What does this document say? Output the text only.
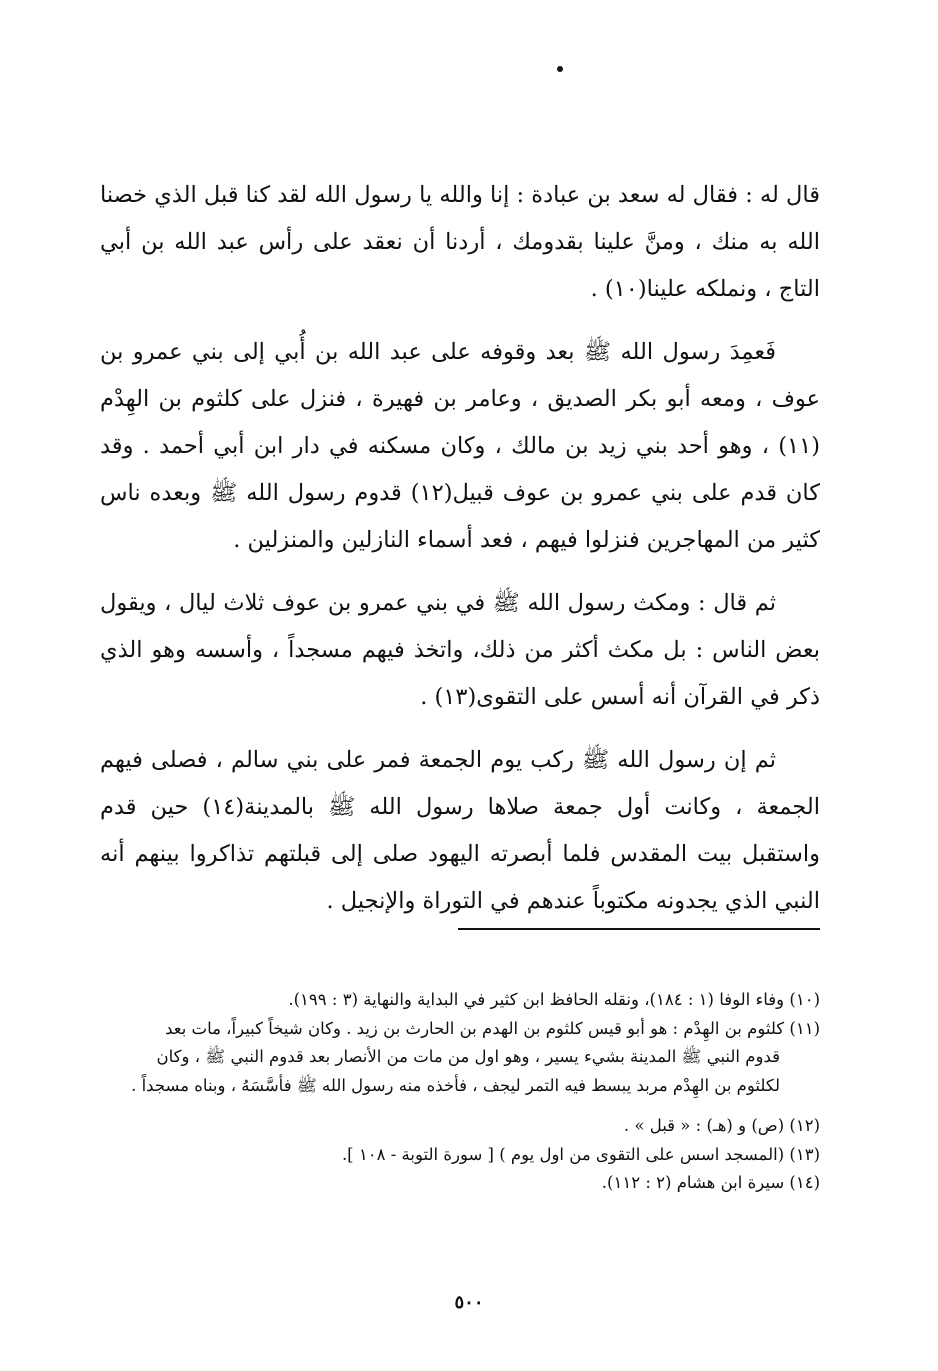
قال له : فقال له سعد بن عبادة : إنا والله يا رسول الله لقد كنا قبل الذي خصنا الله به منك ، ومنَّ علينا بقدومك ، أردنا أن نعقد على رأس عبد الله بن أبي التاج ، ونملكه علينا(١٠) .

فَعمِدَ رسول الله ﷺ بعد وقوفه على عبد الله بن أُبي إلى بني عمرو بن عوف ، ومعه أبو بكر الصديق ، وعامر بن فهيرة ، فنزل على كلثوم بن الهِدْم (١١) ، وهو أحد بني زيد بن مالك ، وكان مسكنه في دار ابن أبي أحمد . وقد كان قدم على بني عمرو بن عوف قبيل(١٢) قدوم رسول الله ﷺ وبعده ناس كثير من المهاجرين فنزلوا فيهم ، فعد أسماء النازلين والمنزلين .

ثم قال : ومكث رسول الله ﷺ في بني عمرو بن عوف ثلاث ليال ، ويقول بعض الناس : بل مكث أكثر من ذلك، واتخذ فيهم مسجداً ، وأسسه وهو الذي ذكر في القرآن أنه أسس على التقوى(١٣) .

ثم إن رسول الله ﷺ ركب يوم الجمعة فمر على بني سالم ، فصلى فيهم الجمعة ، وكانت أول جمعة صلاها رسول الله ﷺ بالمدينة(١٤) حين قدم واستقبل بيت المقدس فلما أبصرته اليهود صلى إلى قبلتهم تذاكروا بينهم أنه النبي الذي يجدونه مكتوباً عندهم في التوراة والإنجيل .

(١٠) وفاء الوفا (١ : ١٨٤)، ونقله الحافظ ابن كثير في البداية والنهاية (٣ : ١٩٩).

(١١) كلثوم بن الهِدْم : هو أبو قيس كلثوم بن الهدم بن الحارث بن زيد . وكان شيخاً كبيراً، مات بعد

قدوم النبي ﷺ المدينة بشيء يسير ، وهو اول من مات من الأنصار بعد قدوم النبي ﷺ ، وكان

لكلثوم بن الهِدْم مربد يبسط فيه التمر ليجف ، فأخذه منه رسول الله ﷺ فأسَّسَهُ ، وبناه مسجداً .

(١٢) (ص) و (هـ) : « قبل » .

(١٣) (المسجد اسس على التقوى من اول يوم ) [ سورة التوبة - ١٠٨ ].

(١٤) سيرة ابن هشام (٢ : ١١٢).

٥٠٠
